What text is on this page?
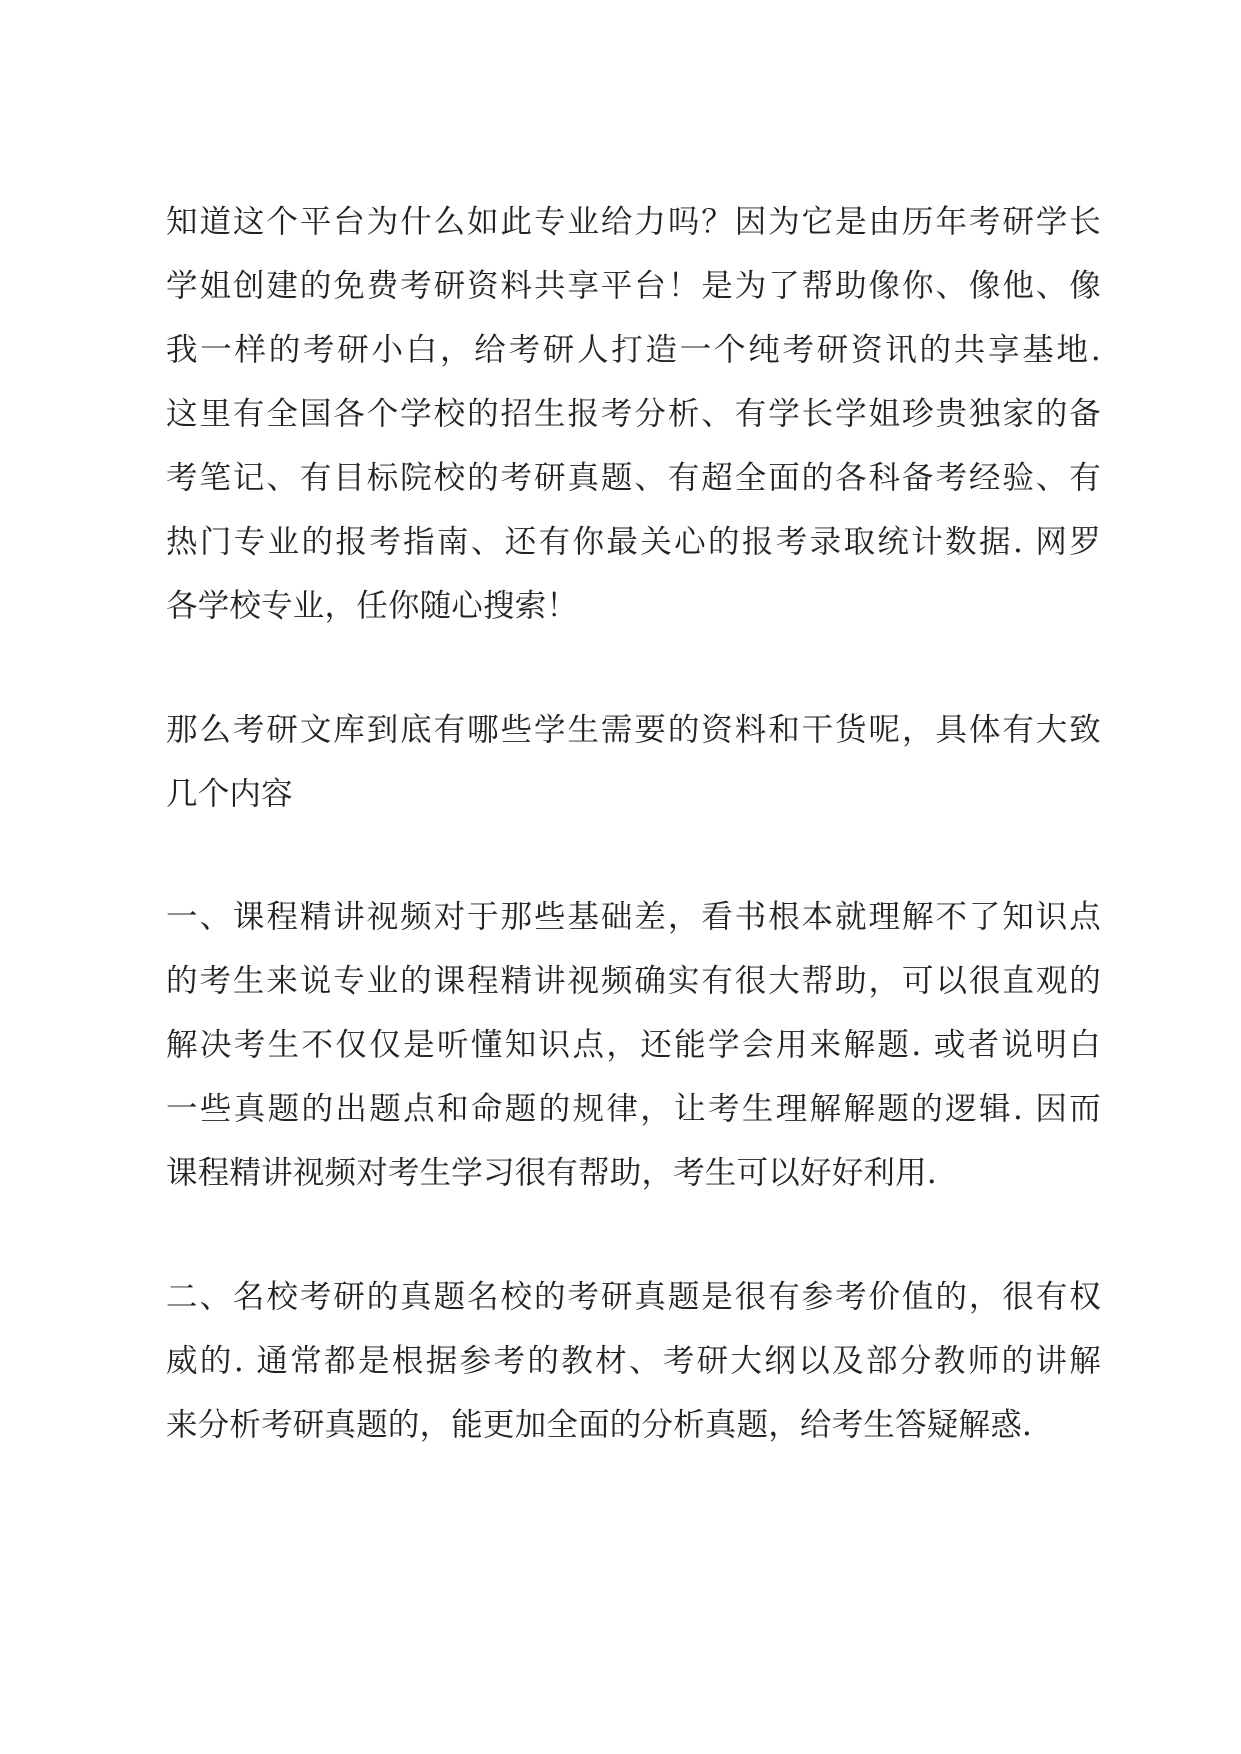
知道这个平台为什么如此专业给力吗？因为它是由历年考研学长
学姐创建的免费考研资料共享平台！是为了帮助像你、像他、像
我一样的考研小白，给考研人打造一个纯考研资讯的共享基地.
这里有全国各个学校的招生报考分析、有学长学姐珍贵独家的备
考笔记、有目标院校的考研真题、有超全面的各科备考经验、有
热门专业的报考指南、还有你最关心的报考录取统计数据. 网罗
各学校专业，任你随心搜索！
那么考研文库到底有哪些学生需要的资料和干货呢，具体有大致
几个内容
一、课程精讲视频对于那些基础差，看书根本就理解不了知识点
的考生来说专业的课程精讲视频确实有很大帮助，可以很直观的
解决考生不仅仅是听懂知识点，还能学会用来解题. 或者说明白
一些真题的出题点和命题的规律，让考生理解解题的逻辑. 因而
课程精讲视频对考生学习很有帮助，考生可以好好利用.
二、名校考研的真题名校的考研真题是很有参考价值的，很有权
威的. 通常都是根据参考的教材、考研大纲以及部分教师的讲解
来分析考研真题的，能更加全面的分析真题，给考生答疑解惑.
